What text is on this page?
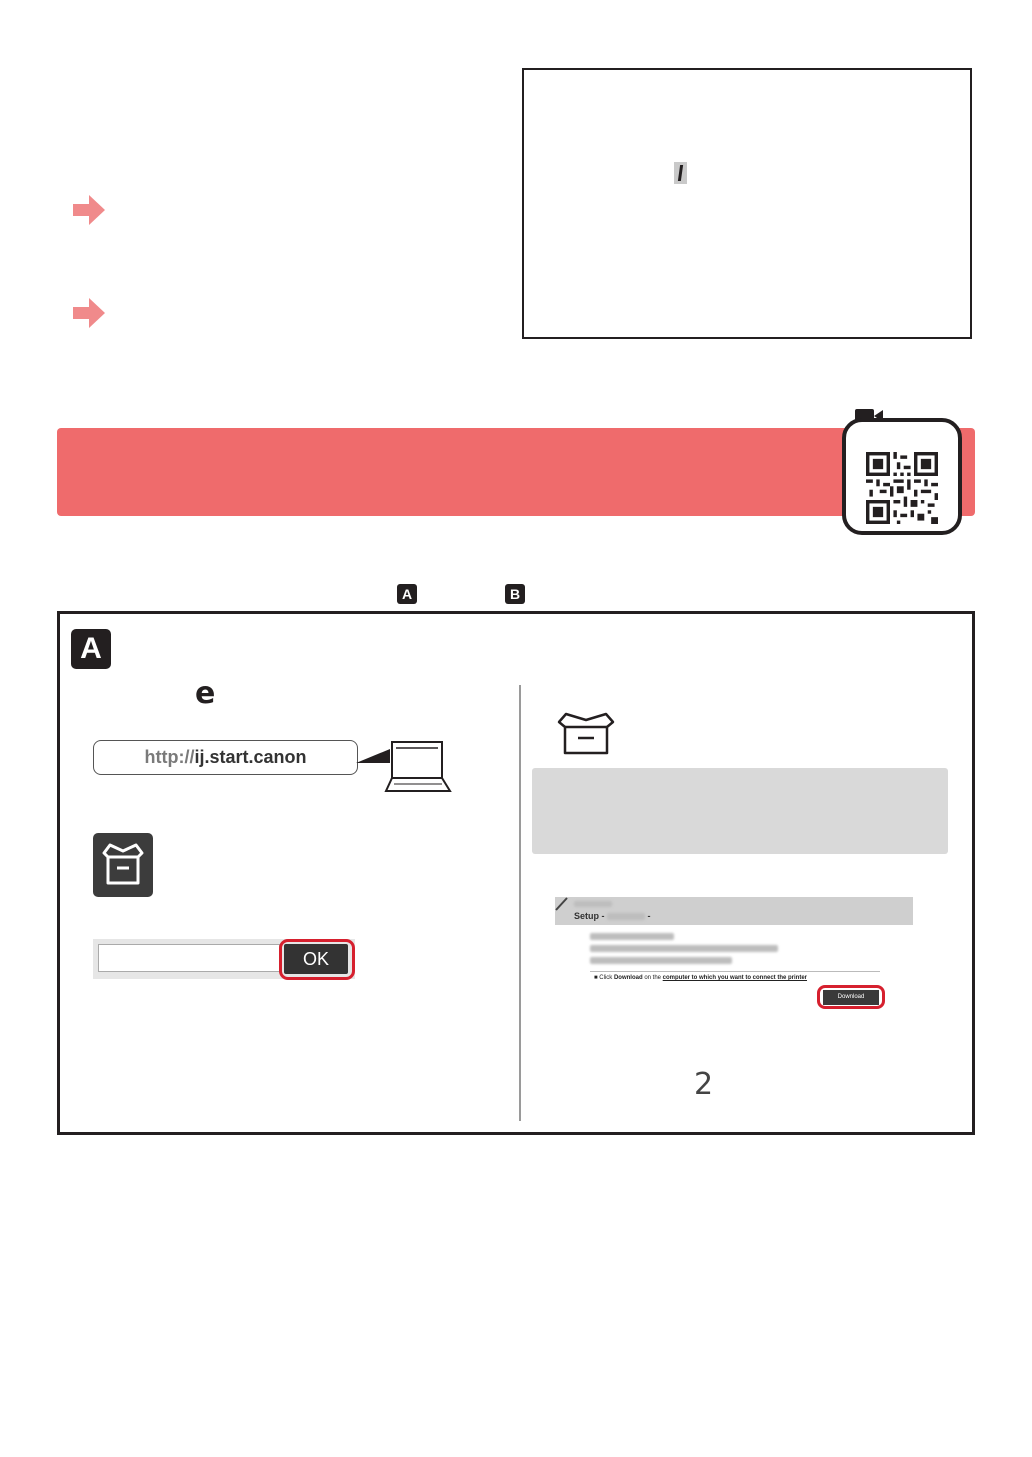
A	B
A
e
http://ij.start.canon
OK
Setup -	-
■ Click Download on the computer to which you want to connect the printer
Download
2
